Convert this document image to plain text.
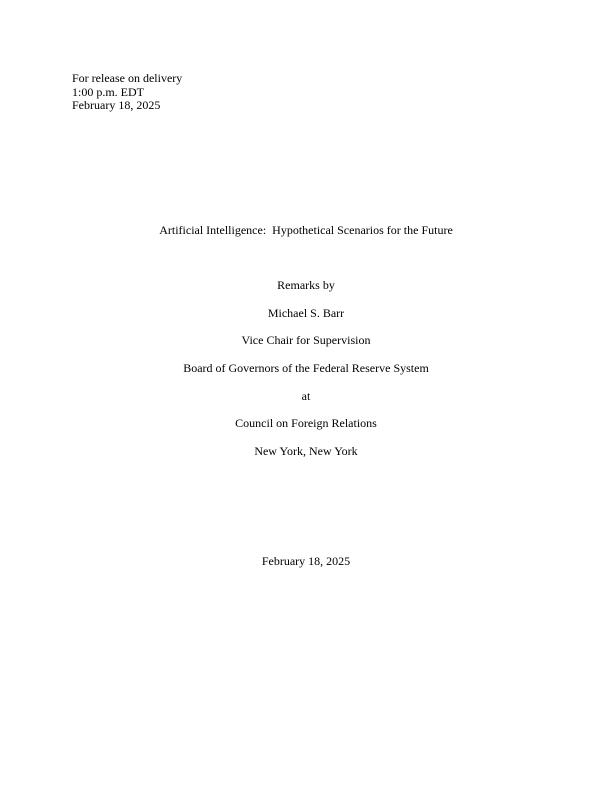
For release on delivery
1:00 p.m. EDT
February 18, 2025
Artificial Intelligence:  Hypothetical Scenarios for the Future
Remarks by
Michael S. Barr
Vice Chair for Supervision
Board of Governors of the Federal Reserve System
at
Council on Foreign Relations
New York, New York
February 18, 2025
